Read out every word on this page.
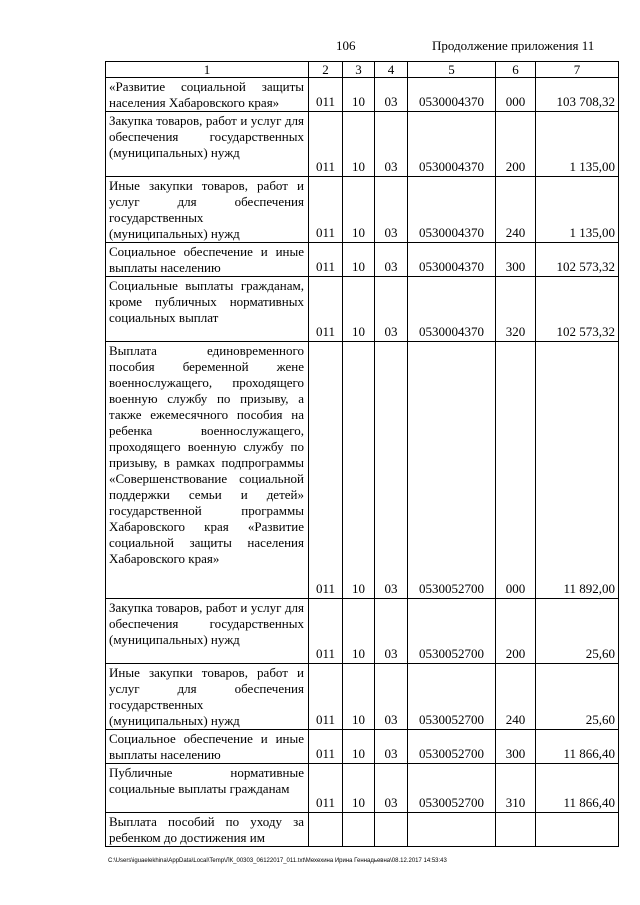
106	Продолжение приложения 11
1	2	3	4	5	6	7
«Развитие социальной защиты населения Хабаровского края»	011	10	03	0530004370	000	103 708,32
Закупка товаров, работ и услуг для обеспечения государственных (муниципальных) нужд	011	10	03	0530004370	200	1 135,00
Иные закупки товаров, работ и услуг для обеспечения государственных (муниципальных) нужд	011	10	03	0530004370	240	1 135,00
Социальное обеспечение и иные выплаты населению	011	10	03	0530004370	300	102 573,32
Социальные выплаты гражданам, кроме публичных нормативных социальных выплат	011	10	03	0530004370	320	102 573,32
Выплата единовременного пособия беременной жене военнослужащего, проходящего военную службу по призыву, а также ежемесячного пособия на ребенка военнослужащего, проходящего военную службу по призыву, в рамках подпрограммы «Совершенствование социальной поддержки семьи и детей» государственной программы Хабаровского края «Развитие социальной защиты населения Хабаровского края»	011	10	03	0530052700	000	11 892,00
Закупка товаров, работ и услуг для обеспечения государственных (муниципальных) нужд	011	10	03	0530052700	200	25,60
Иные закупки товаров, работ и услуг для обеспечения государственных (муниципальных) нужд	011	10	03	0530052700	240	25,60
Социальное обеспечение и иные выплаты населению	011	10	03	0530052700	300	11 866,40
Публичные нормативные социальные выплаты гражданам	011	10	03	0530052700	310	11 866,40
Выплата пособий по уходу за ребенком до достижения им						
C:\Users\iguaelekhina\AppData\Local\Temp\ЛК_00303_06122017_011.txt\Мехехина Ирина Геннадьевна\08.12.2017 14:53:43
